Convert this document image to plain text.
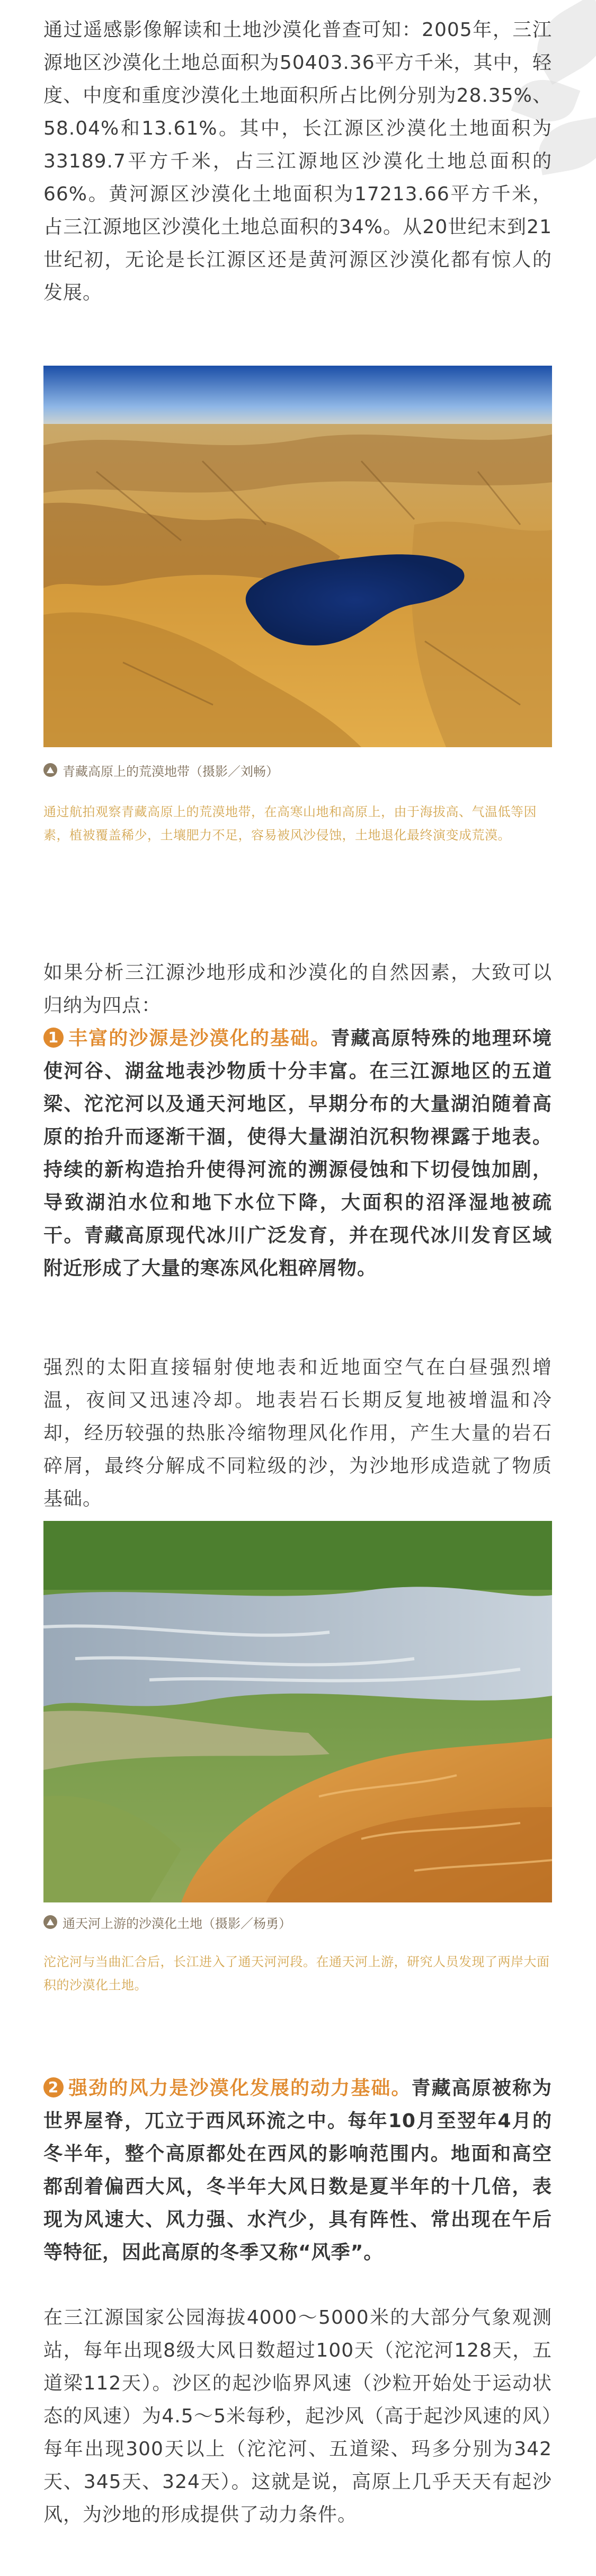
通过遥感影像解读和土地沙漠化普查可知：2005年，三江源地区沙漠化土地总面积为50403.36平方千米，其中，轻度、中度和重度沙漠化土地面积所占比例分别为28.35%、58.04%和13.61%。其中，长江源区沙漠化土地面积为33189.7平方千米，占三江源地区沙漠化土地总面积的66%。黄河源区沙漠化土地面积为17213.66平方千米，占三江源地区沙漠化土地总面积的34%。从20世纪末到21世纪初，无论是长江源区还是黄河源区沙漠化都有惊人的发展。

青藏高原上的荒漠地带（摄影／刘畅）

通过航拍观察青藏高原上的荒漠地带，在高寒山地和高原上，由于海拔高、气温低等因素，植被覆盖稀少，土壤肥力不足，容易被风沙侵蚀，土地退化最终演变成荒漠。

如果分析三江源沙地形成和沙漠化的自然因素，大致可以归纳为四点：

1 丰富的沙源是沙漠化的基础。青藏高原特殊的地理环境使河谷、湖盆地表沙物质十分丰富。在三江源地区的五道梁、沱沱河以及通天河地区，早期分布的大量湖泊随着高原的抬升而逐渐干涸，使得大量湖泊沉积物裸露于地表。持续的新构造抬升使得河流的溯源侵蚀和下切侵蚀加剧，导致湖泊水位和地下水位下降，大面积的沼泽湿地被疏干。青藏高原现代冰川广泛发育，并在现代冰川发育区域附近形成了大量的寒冻风化粗碎屑物。

强烈的太阳直接辐射使地表和近地面空气在白昼强烈增温，夜间又迅速冷却。地表岩石长期反复地被增温和冷却，经历较强的热胀冷缩物理风化作用，产生大量的岩石碎屑，最终分解成不同粒级的沙，为沙地形成造就了物质基础。

通天河上游的沙漠化土地（摄影／杨勇）

沱沱河与当曲汇合后，长江进入了通天河河段。在通天河上游，研究人员发现了两岸大面积的沙漠化土地。

2 强劲的风力是沙漠化发展的动力基础。青藏高原被称为世界屋脊，兀立于西风环流之中。每年10月至翌年4月的冬半年，整个高原都处在西风的影响范围内。地面和高空都刮着偏西大风，冬半年大风日数是夏半年的十几倍，表现为风速大、风力强、水汽少，具有阵性、常出现在午后等特征，因此高原的冬季又称“风季”。

在三江源国家公园海拔4000～5000米的大部分气象观测站，每年出现8级大风日数超过100天（沱沱河128天，五道梁112天）。沙区的起沙临界风速（沙粒开始处于运动状态的风速）为4.5～5米每秒，起沙风（高于起沙风速的风）每年出现300天以上（沱沱河、五道梁、玛多分别为342天、345天、324天）。这就是说，高原上几乎天天有起沙风，为沙地的形成提供了动力条件。
